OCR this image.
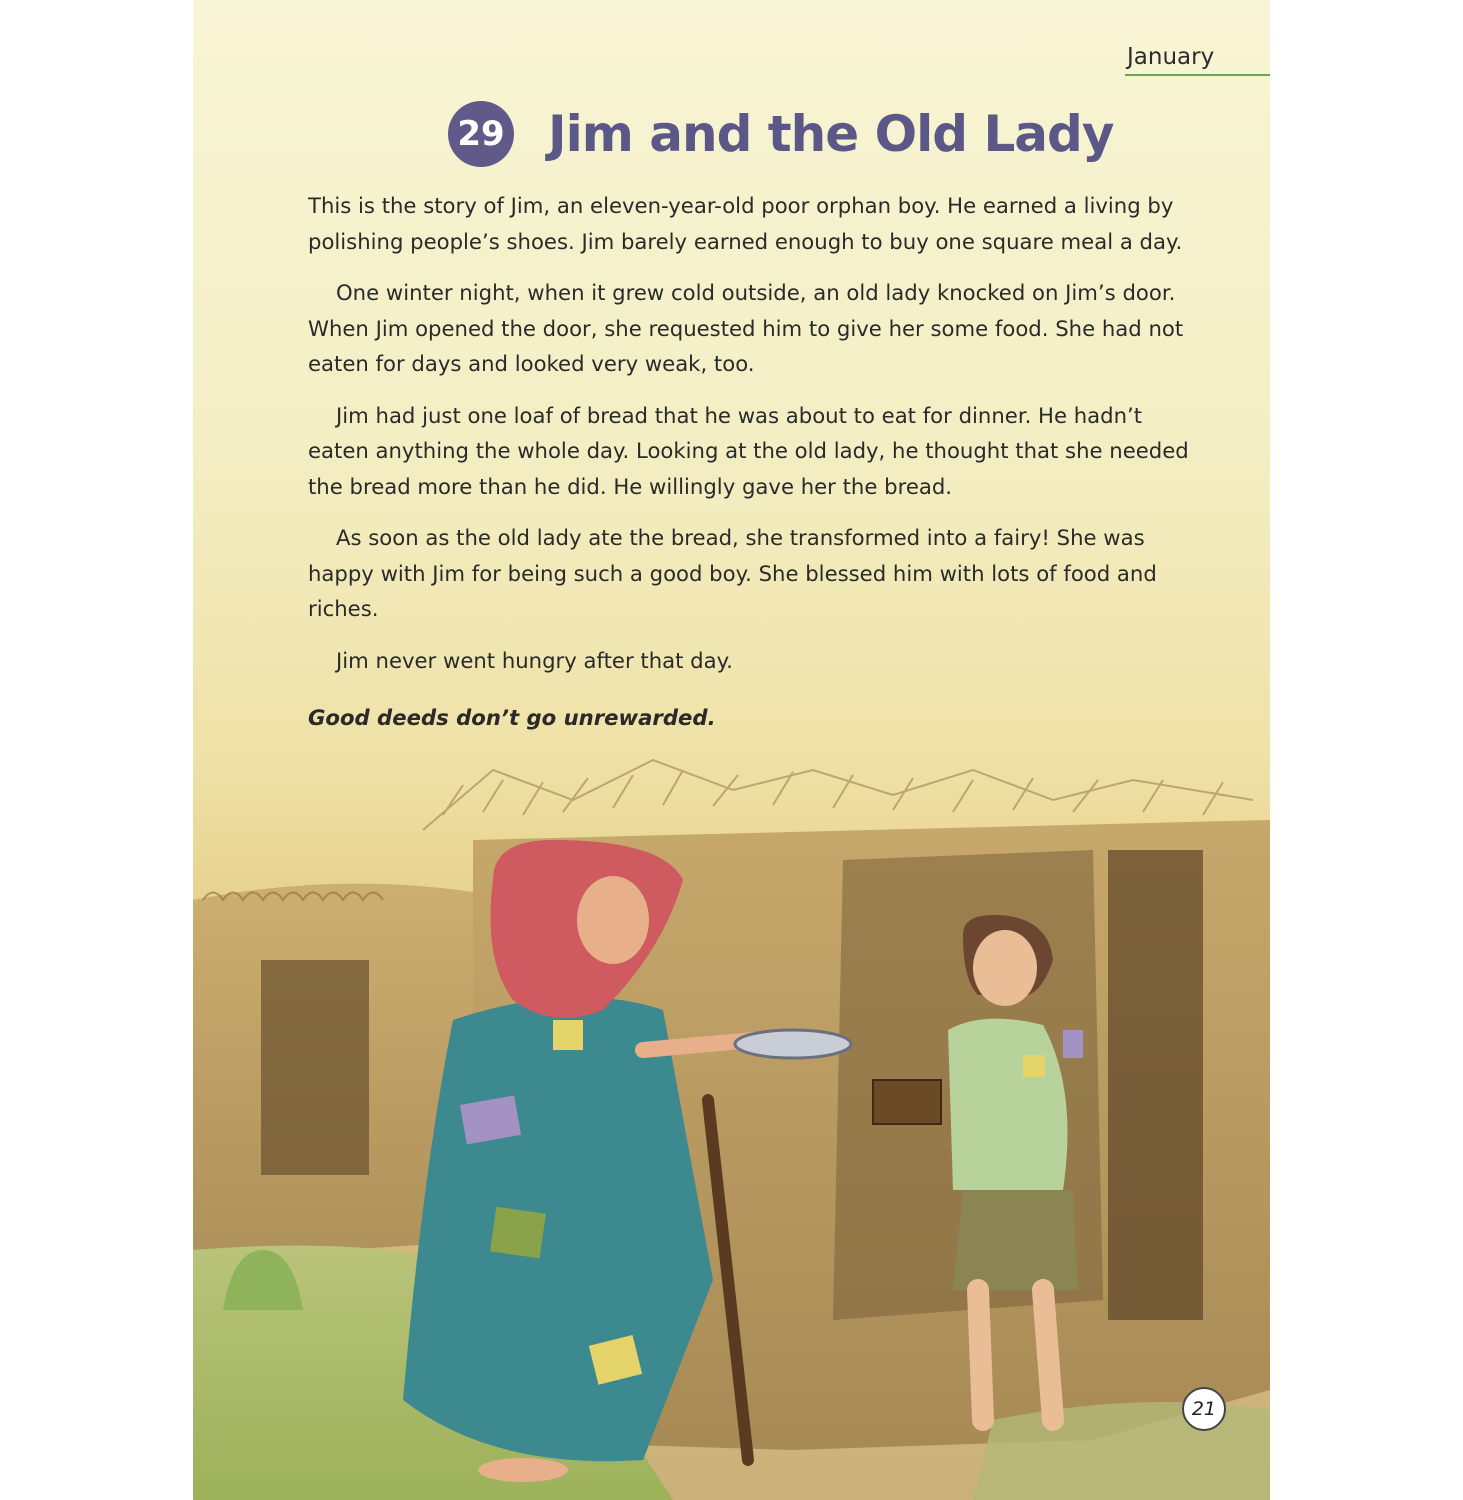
January
29 Jim and the Old Lady

This is the story of Jim, an eleven-year-old poor orphan boy. He earned a living by polishing people’s shoes. Jim barely earned enough to buy one square meal a day.

One winter night, when it grew cold outside, an old lady knocked on Jim’s door. When Jim opened the door, she requested him to give her some food. She had not eaten for days and looked very weak, too.

Jim had just one loaf of bread that he was about to eat for dinner. He hadn’t eaten anything the whole day. Looking at the old lady, he thought that she needed the bread more than he did. He willingly gave her the bread.

As soon as the old lady ate the bread, she transformed into a fairy! She was happy with Jim for being such a good boy. She blessed him with lots of food and riches.

Jim never went hungry after that day.

Good deeds don’t go unrewarded.

21
